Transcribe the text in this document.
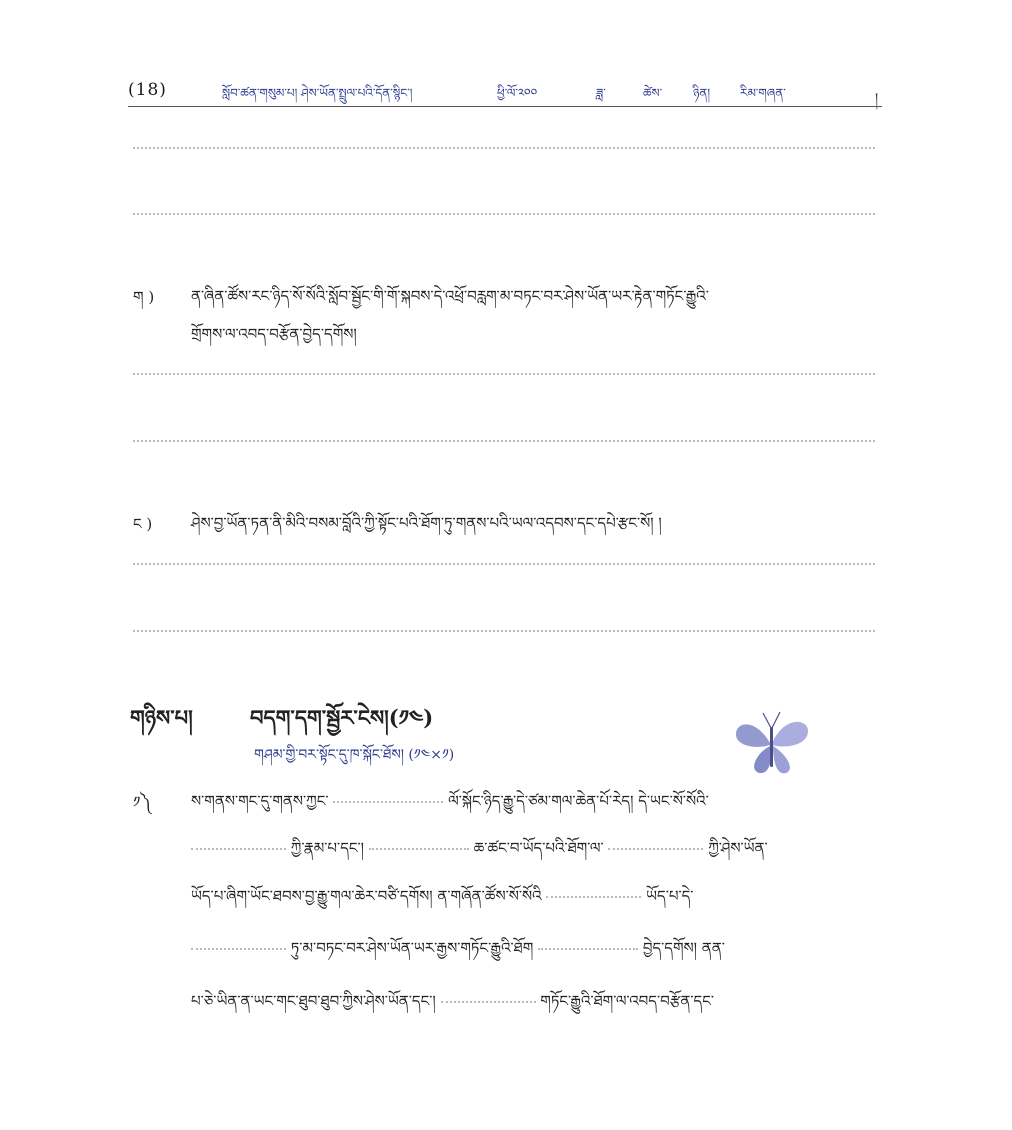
(18)	སློབ་ཚན་གསུམ་པ། ཤེས་ཡོན་སྤྲུལ་པའི་དོན་སྙིང་།	ཕྱི་ལོ་༢༠༠	ཟླ་	ཚེས་	ཉིན། རིམ་གཞན་	།
ག ) ན་ཞིན་ཚོས་རང་ཉིད་སོ་སོའི་སློབ་སྦྱོང་གི་གོ་སྐབས་དེ་འཕྲོ་བརླག་མ་བཏང་བར་ཤེས་ཡོན་ཡར་རྟེན་གཏོང་རྒྱུའི་
གྲོགས་ལ་འབད་བརྩོན་བྱེད་དགོས།
ང )	ཤེས་བྱ་ཡོན་ཏན་ནི་མིའི་བསམ་བློའི་ཀྱི་སྟོང་པའི་ཐོག་ཏུ་གནས་པའི་ཡལ་འདབས་དང་དཔེ་རྩང་སོ། །
གཉིས་པ།	བདག་དག་སྦྱོར་ངེས།(༡༤)
གཤམ་གྱི་བར་སྟོང་དུ་ཁ་སྐོང་ཐོས། (༡༤×༡)
༡༽	ས་གནས་གང་དུ་གནས་ཀྱང་	ལོ་སྐོང་ཉིད་རྒྱུ་དེ་ཙམ་གལ་ཆེན་པོ་རེད། དེ་ཡང་སོ་སོའི་
ཀྱི་རྣམ་པ་དང་།	ཆ་ཚང་བ་ཡོད་པའི་ཐོག་ལ་	ཀྱི་ཤེས་ཡོན་
ཡོད་པ་ཞིག་ཡོང་ཐབས་བྱ་རྒྱུ་གལ་ཆེར་བཙི་དགོས། ན་གཞོན་ཚོས་སོ་སོའི	ཡོད་པ་དེ་
ཏུ་མ་བཏང་བར་ཤེས་ཡོན་ཡར་རྒྱས་གཏོང་རྒྱུའི་ཐོག	བྱེད་དགོས། ནན་
པ་ཅེ་ཡིན་ན་ཡང་གང་ཐུབ་ཐུབ་ཀྱིས་ཤེས་ཡོན་དང་།	གཏོང་རྒྱུའི་ཐོག་ལ་འབད་བརྩོན་དང་
